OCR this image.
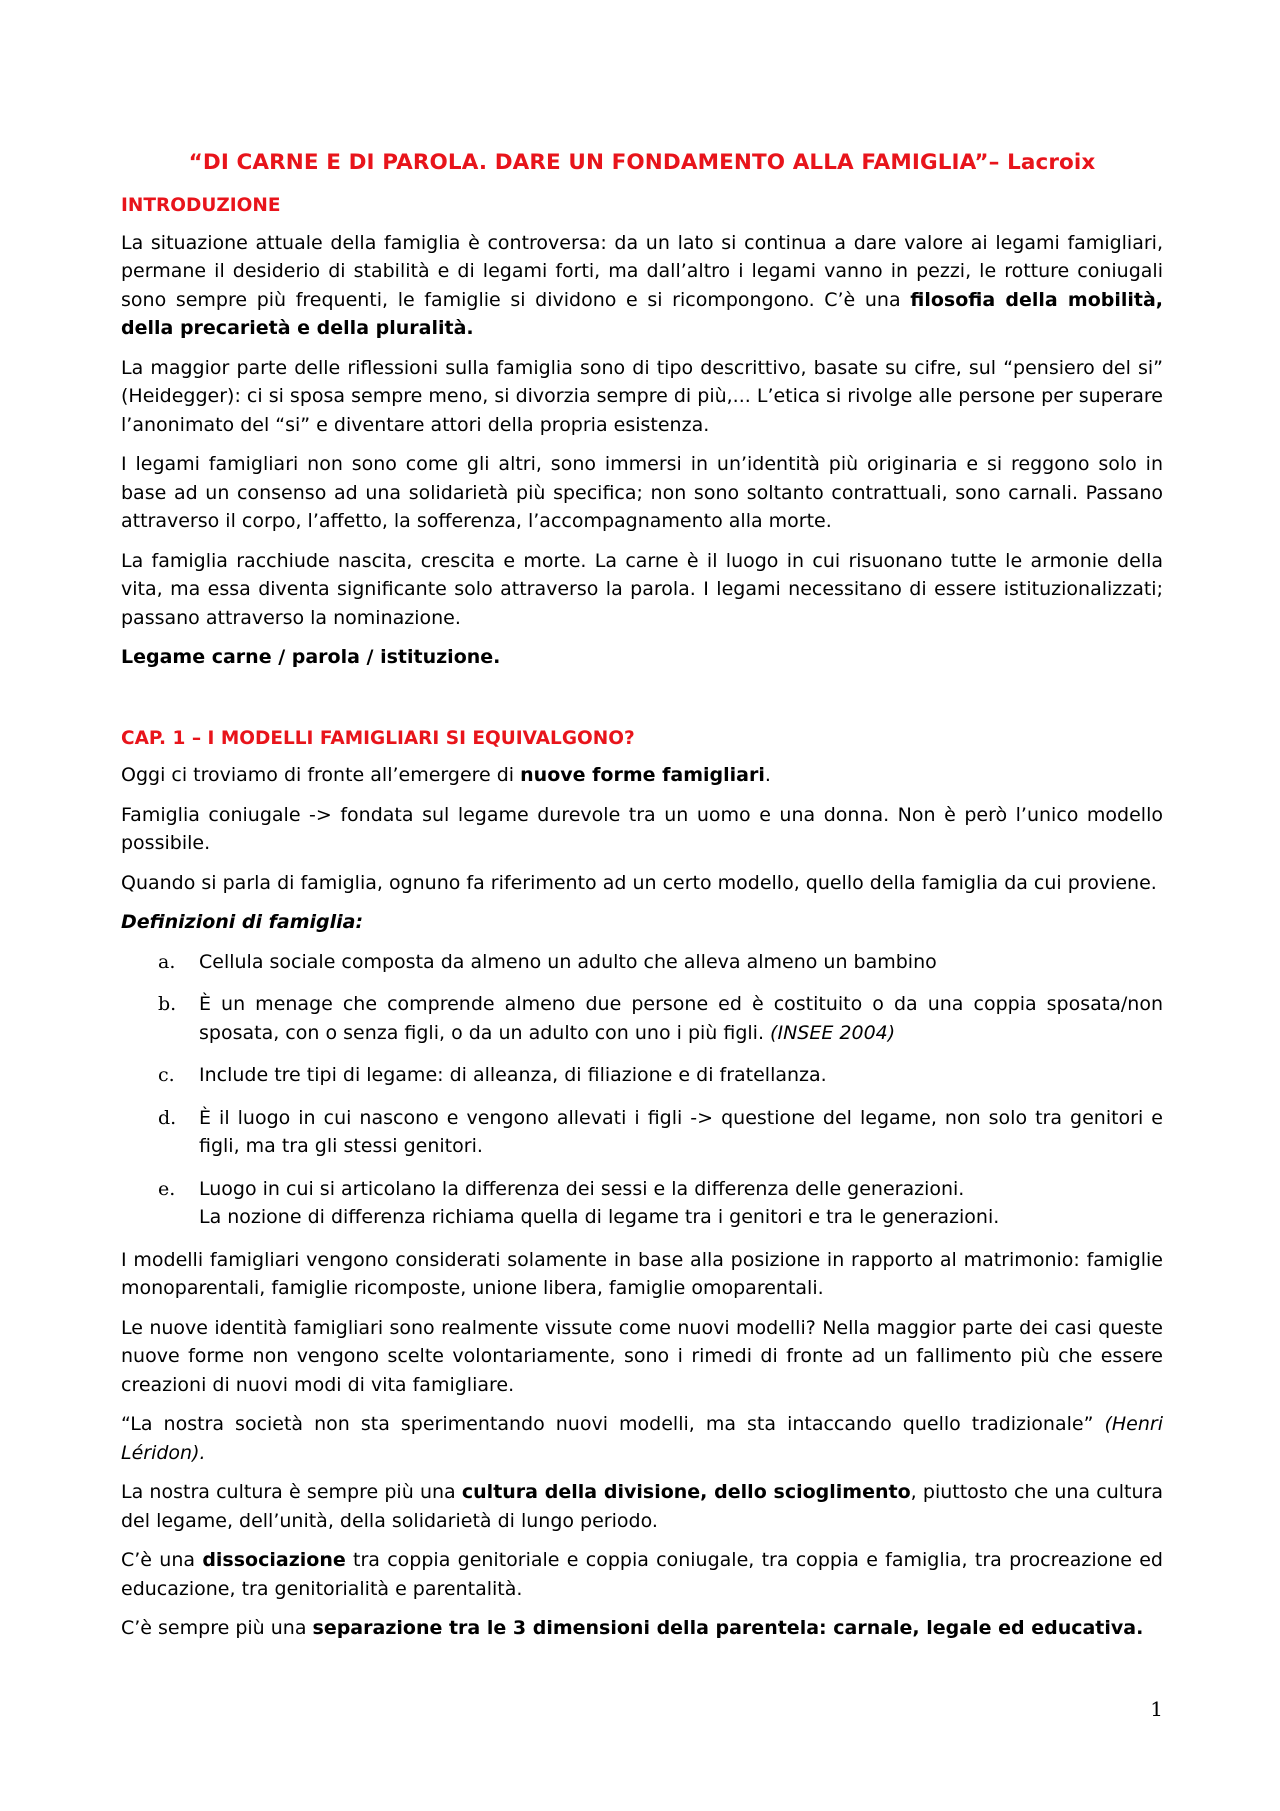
“DI CARNE E DI PAROLA. DARE UN FONDAMENTO ALLA FAMIGLIA”– Lacroix
INTRODUZIONE

La situazione attuale della famiglia è controversa: da un lato si continua a dare valore ai legami famigliari, permane il desiderio di stabilità e di legami forti, ma dall’altro i legami vanno in pezzi, le rotture coniugali sono sempre più frequenti, le famiglie si dividono e si ricompongono. C’è una filosofia della mobilità, della precarietà e della pluralità.

La maggior parte delle riflessioni sulla famiglia sono di tipo descrittivo, basate su cifre, sul “pensiero del si” (Heidegger): ci si sposa sempre meno, si divorzia sempre di più,... L’etica si rivolge alle persone per superare l’anonimato del “si” e diventare attori della propria esistenza.

I legami famigliari non sono come gli altri, sono immersi in un’identità più originaria e si reggono solo in base ad un consenso ad una solidarietà più specifica; non sono soltanto contrattuali, sono carnali. Passano attraverso il corpo, l’affetto, la sofferenza, l’accompagnamento alla morte.

La famiglia racchiude nascita, crescita e morte. La carne è il luogo in cui risuonano tutte le armonie della vita, ma essa diventa significante solo attraverso la parola. I legami necessitano di essere istituzionalizzati; passano attraverso la nominazione.

Legame carne / parola / istituzione.

CAP. 1 – I MODELLI FAMIGLIARI SI EQUIVALGONO?

Oggi ci troviamo di fronte all’emergere di nuove forme famigliari.

Famiglia coniugale -> fondata sul legame durevole tra un uomo e una donna. Non è però l’unico modello possibile.

Quando si parla di famiglia, ognuno fa riferimento ad un certo modello, quello della famiglia da cui proviene.

Definizioni di famiglia:

a. Cellula sociale composta da almeno un adulto che alleva almeno un bambino
b. È un menage che comprende almeno due persone ed è costituito o da una coppia sposata/non sposata, con o senza figli, o da un adulto con uno i più figli. (INSEE 2004)
c. Include tre tipi di legame: di alleanza, di filiazione e di fratellanza.
d. È il luogo in cui nascono e vengono allevati i figli -> questione del legame, non solo tra genitori e figli, ma tra gli stessi genitori.
e. Luogo in cui si articolano la differenza dei sessi e la differenza delle generazioni.
La nozione di differenza richiama quella di legame tra i genitori e tra le generazioni.

I modelli famigliari vengono considerati solamente in base alla posizione in rapporto al matrimonio: famiglie monoparentali, famiglie ricomposte, unione libera, famiglie omoparentali.

Le nuove identità famigliari sono realmente vissute come nuovi modelli? Nella maggior parte dei casi queste nuove forme non vengono scelte volontariamente, sono i rimedi di fronte ad un fallimento più che essere creazioni di nuovi modi di vita famigliare.

“La nostra società non sta sperimentando nuovi modelli, ma sta intaccando quello tradizionale” (Henri Léridon).

La nostra cultura è sempre più una cultura della divisione, dello scioglimento, piuttosto che una cultura del legame, dell’unità, della solidarietà di lungo periodo.

C’è una dissociazione tra coppia genitoriale e coppia coniugale, tra coppia e famiglia, tra procreazione ed educazione, tra genitorialità e parentalità.

C’è sempre più una separazione tra le 3 dimensioni della parentela: carnale, legale ed educativa.

1
